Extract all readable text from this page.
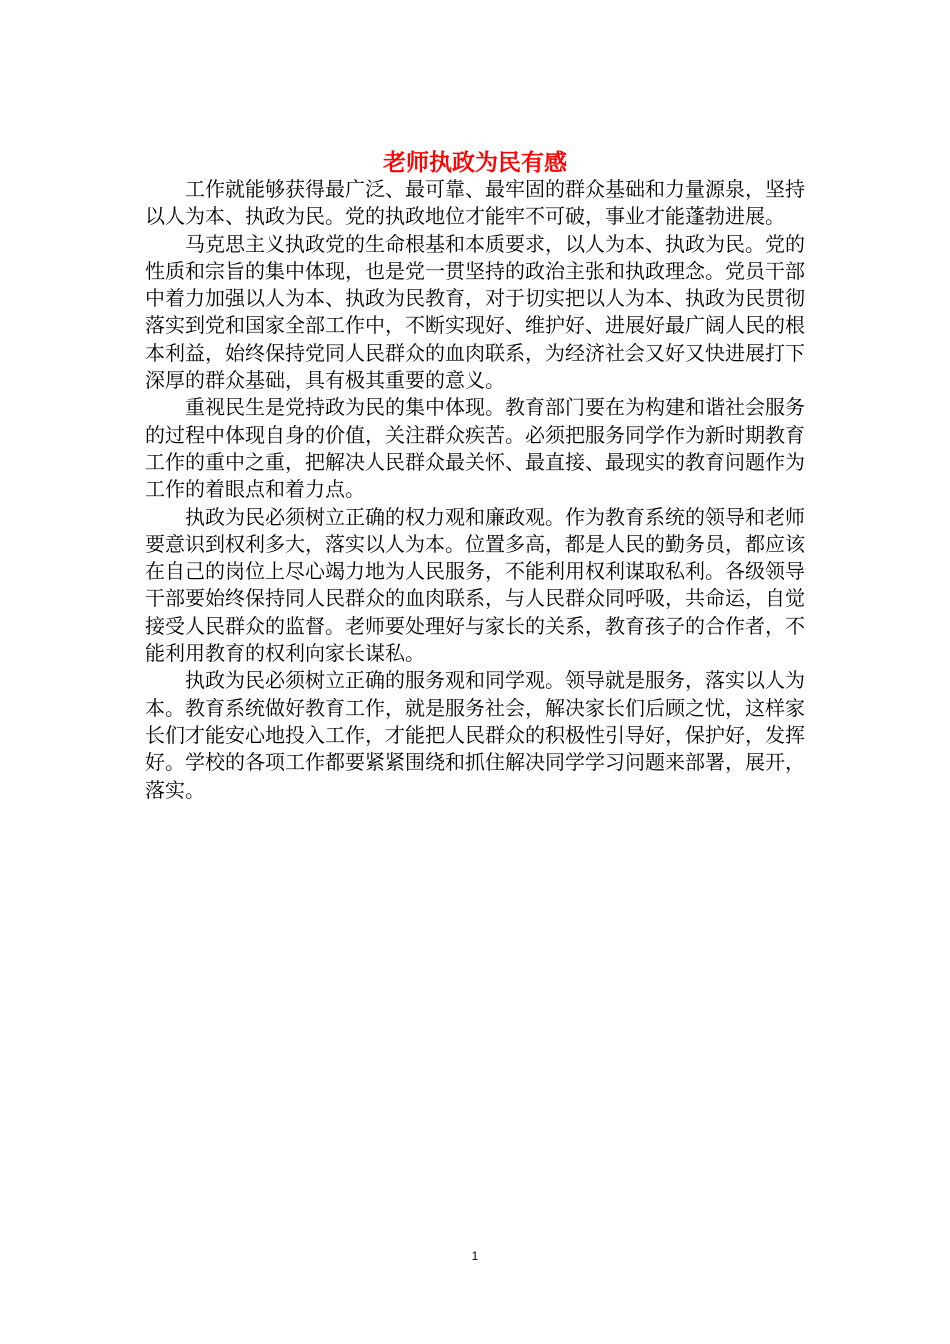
老师执政为民有感

工作就能够获得最广泛、最可靠、最牢固的群众基础和力量源泉，坚持以人为本、执政为民。党的执政地位才能牢不可破，事业才能蓬勃进展。

马克思主义执政党的生命根基和本质要求，以人为本、执政为民。党的性质和宗旨的集中体现，也是党一贯坚持的政治主张和执政理念。党员干部中着力加强以人为本、执政为民教育，对于切实把以人为本、执政为民贯彻落实到党和国家全部工作中，不断实现好、维护好、进展好最广阔人民的根本利益，始终保持党同人民群众的血肉联系，为经济社会又好又快进展打下深厚的群众基础，具有极其重要的意义。

重视民生是党持政为民的集中体现。教育部门要在为构建和谐社会服务的过程中体现自身的价值，关注群众疾苦。必须把服务同学作为新时期教育工作的重中之重，把解决人民群众最关怀、最直接、最现实的教育问题作为工作的着眼点和着力点。

执政为民必须树立正确的权力观和廉政观。作为教育系统的领导和老师要意识到权利多大，落实以人为本。位置多高，都是人民的勤务员，都应该在自己的岗位上尽心竭力地为人民服务，不能利用权利谋取私利。各级领导干部要始终保持同人民群众的血肉联系，与人民群众同呼吸，共命运，自觉接受人民群众的监督。老师要处理好与家长的关系，教育孩子的合作者，不能利用教育的权利向家长谋私。

执政为民必须树立正确的服务观和同学观。领导就是服务，落实以人为本。教育系统做好教育工作，就是服务社会，解决家长们后顾之忧，这样家长们才能安心地投入工作，才能把人民群众的积极性引导好，保护好，发挥好。学校的各项工作都要紧紧围绕和抓住解决同学学习问题来部署，展开，落实。

1
